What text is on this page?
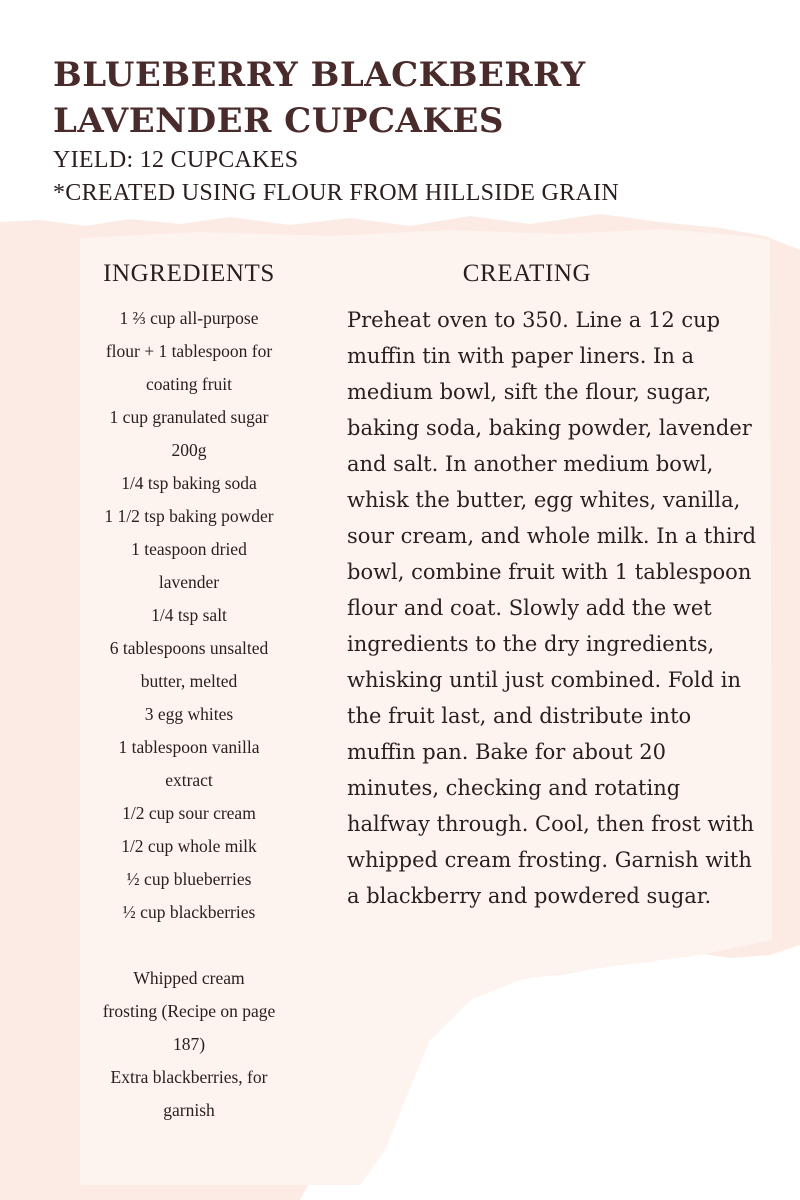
BLUEBERRY BLACKBERRY
LAVENDER CUPCAKES
YIELD: 12 CUPCAKES
*CREATED USING FLOUR FROM HILLSIDE GRAIN
INGREDIENTS
1 ⅔ cup all-purpose
flour + 1 tablespoon for
coating fruit
1 cup granulated sugar
200g
1/4 tsp baking soda
1 1/2 tsp baking powder
1 teaspoon dried
lavender
1/4 tsp salt
6 tablespoons unsalted
butter, melted
3 egg whites
1 tablespoon vanilla
extract
1/2 cup sour cream
1/2 cup whole milk
½ cup blueberries
½ cup blackberries
Whipped cream
frosting (Recipe on page
187)
Extra blackberries, for
garnish
CREATING

Preheat oven to 350. Line a 12 cup muffin tin with paper liners. In a medium bowl, sift the flour, sugar, baking soda, baking powder, lavender and salt. In another medium bowl, whisk the butter, egg whites, vanilla, sour cream, and whole milk. In a third bowl, combine fruit with 1 tablespoon flour and coat. Slowly add the wet ingredients to the dry ingredients, whisking until just combined. Fold in the fruit last, and distribute into muffin pan. Bake for about 20 minutes, checking and rotating halfway through. Cool, then frost with whipped cream frosting. Garnish with a blackberry and powdered sugar.
